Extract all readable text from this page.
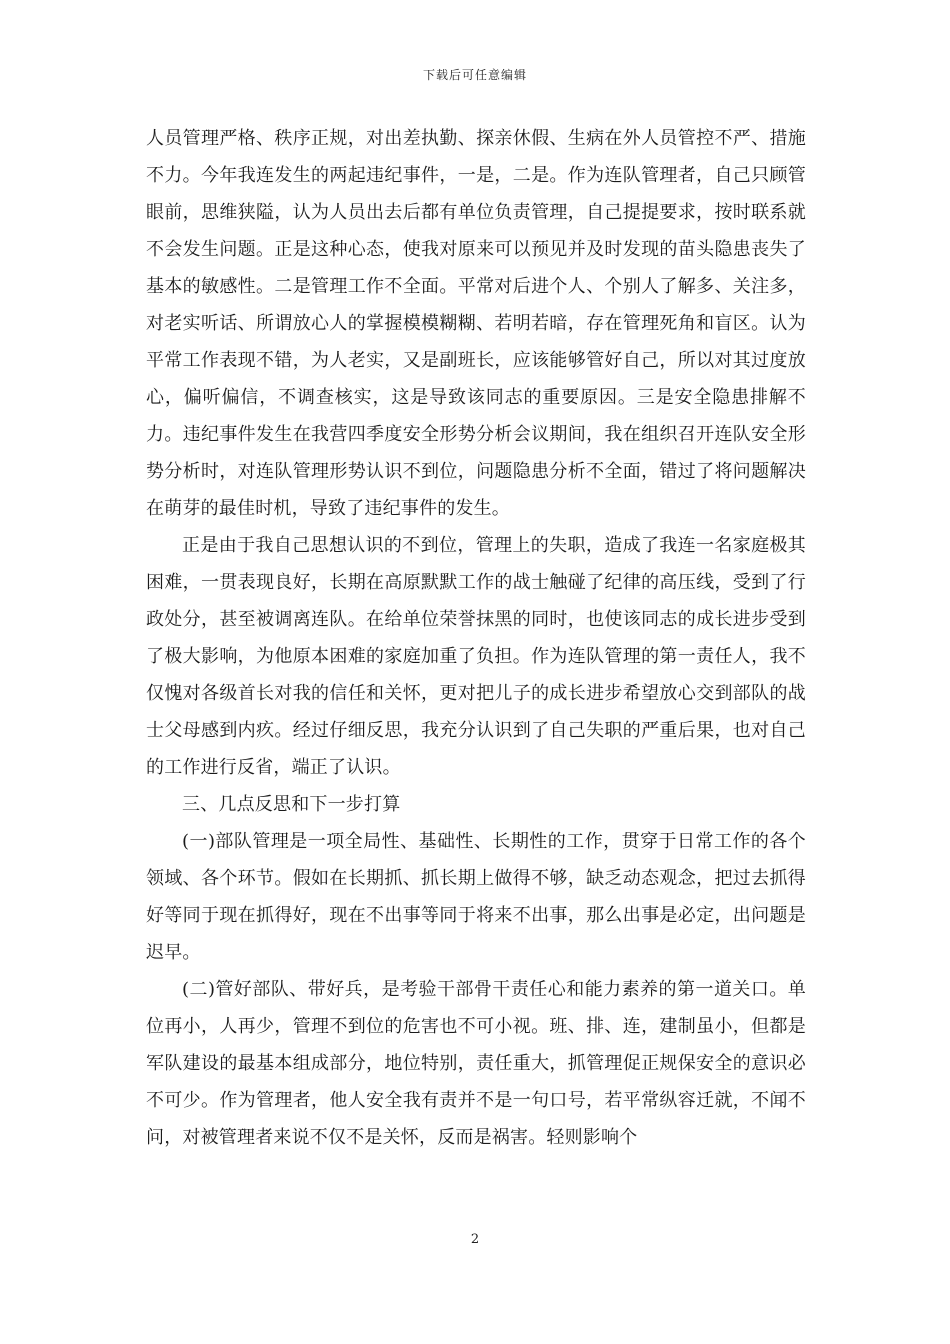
下载后可任意编辑

人员管理严格、秩序正规，对出差执勤、探亲休假、生病在外人员管控不严、措施不力。今年我连发生的两起违纪事件，一是，二是。作为连队管理者，自己只顾管眼前，思维狭隘，认为人员出去后都有单位负责管理，自己提提要求，按时联系就不会发生问题。正是这种心态，使我对原来可以预见并及时发现的苗头隐患丧失了基本的敏感性。二是管理工作不全面。平常对后进个人、个别人了解多、关注多，对老实听话、所谓放心人的掌握模模糊糊、若明若暗，存在管理死角和盲区。认为平常工作表现不错，为人老实，又是副班长，应该能够管好自己，所以对其过度放心，偏听偏信，不调查核实，这是导致该同志的重要原因。三是安全隐患排解不力。违纪事件发生在我营四季度安全形势分析会议期间，我在组织召开连队安全形势分析时，对连队管理形势认识不到位，问题隐患分析不全面，错过了将问题解决在萌芽的最佳时机，导致了违纪事件的发生。

正是由于我自己思想认识的不到位，管理上的失职，造成了我连一名家庭极其困难，一贯表现良好，长期在高原默默工作的战士触碰了纪律的高压线，受到了行政处分，甚至被调离连队。在给单位荣誉抹黑的同时，也使该同志的成长进步受到了极大影响，为他原本困难的家庭加重了负担。作为连队管理的第一责任人，我不仅愧对各级首长对我的信任和关怀，更对把儿子的成长进步希望放心交到部队的战士父母感到内疚。经过仔细反思，我充分认识到了自己失职的严重后果，也对自己的工作进行反省，端正了认识。

三、几点反思和下一步打算

(一)部队管理是一项全局性、基础性、长期性的工作，贯穿于日常工作的各个领域、各个环节。假如在长期抓、抓长期上做得不够，缺乏动态观念，把过去抓得好等同于现在抓得好，现在不出事等同于将来不出事，那么出事是必定，出问题是迟早。

(二)管好部队、带好兵，是考验干部骨干责任心和能力素养的第一道关口。单位再小，人再少，管理不到位的危害也不可小视。班、排、连，建制虽小，但都是军队建设的最基本组成部分，地位特别，责任重大，抓管理促正规保安全的意识必不可少。作为管理者，他人安全我有责并不是一句口号，若平常纵容迁就，不闻不问，对被管理者来说不仅不是关怀，反而是祸害。轻则影响个

2
